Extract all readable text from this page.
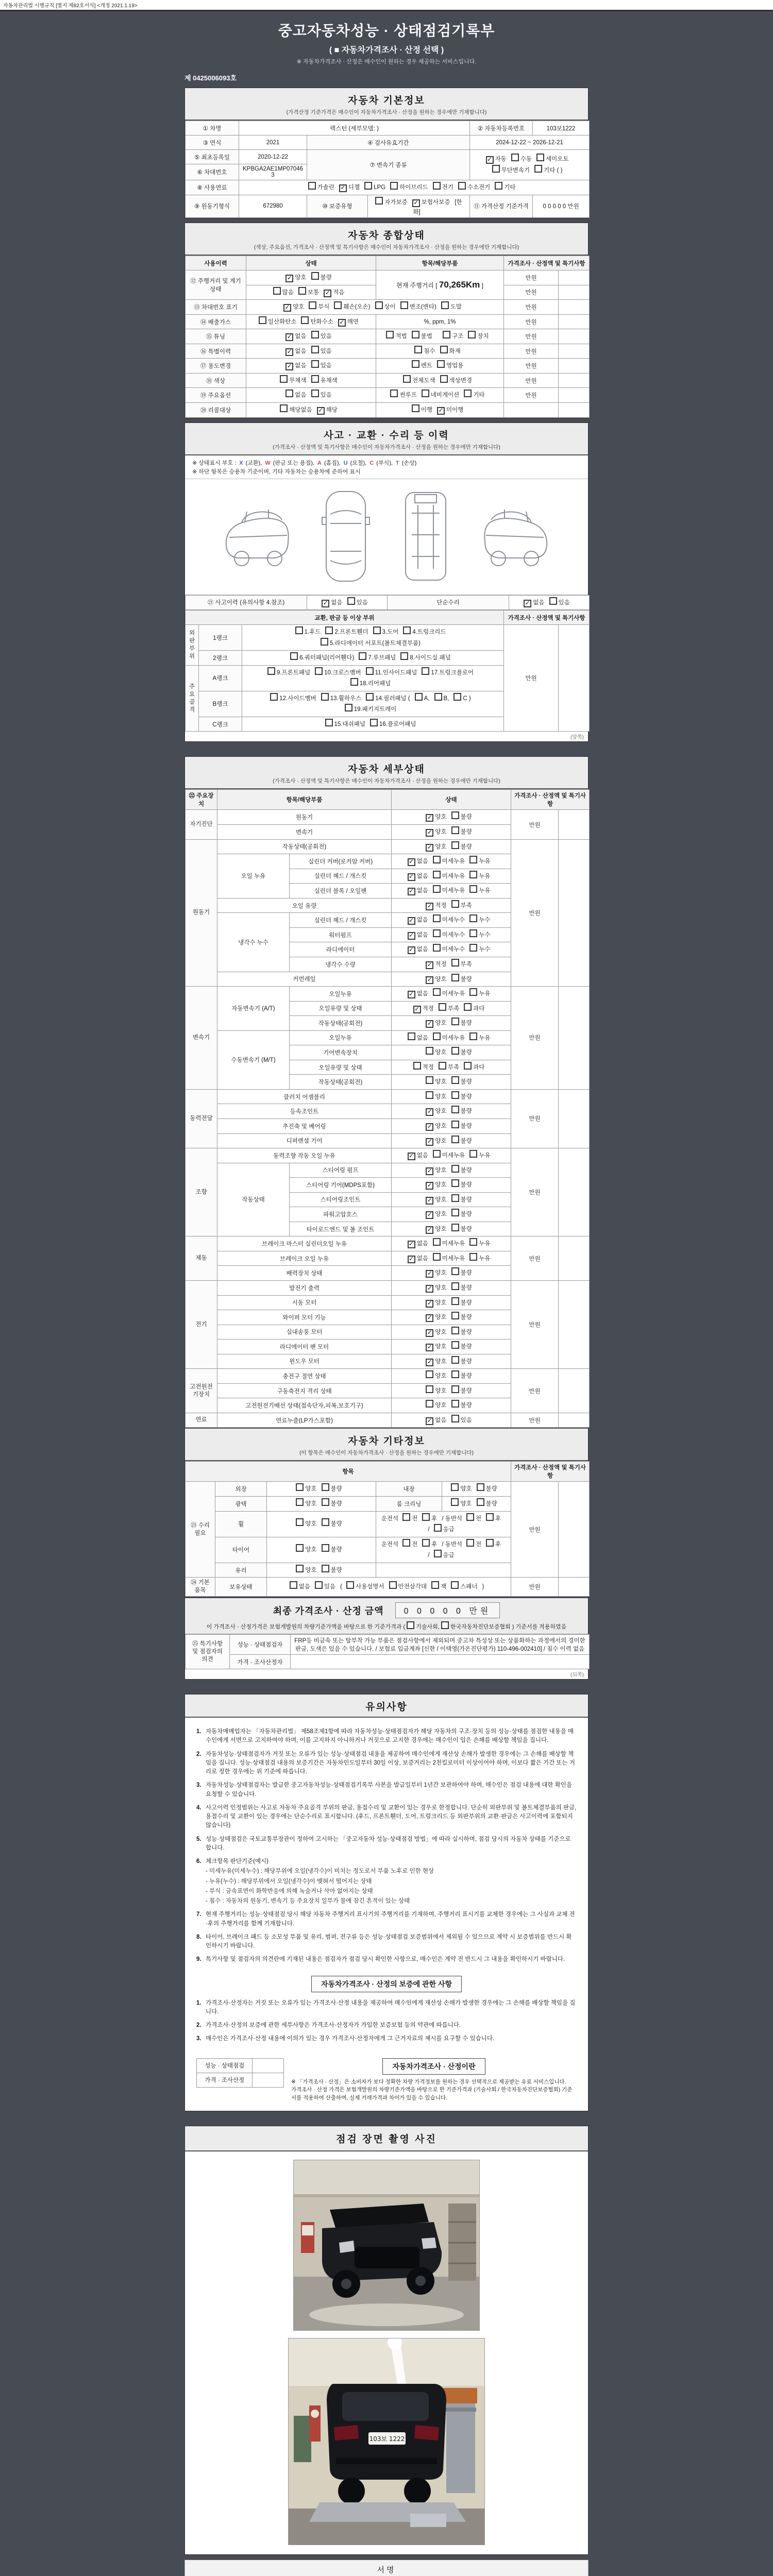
자동차관리법 시행규칙 [별지 제82호서식] <개정 2021.1.19>
중고자동차성능 · 상태점검기록부
( ■ 자동차가격조사 · 산정 선택 )
※ 자동차가격조사 · 산정은 매수인이 원하는 경우 제공하는 서비스입니다.
제 0425006093호
자동차 기본정보
(가격산정 기준가격은 매수인이 자동차가격조사 · 산정을 원하는 경우에만 기재합니다)
① 차명	렉스턴 (세부모델: )			② 자동차등록번호	103보1222
③ 연식	2021	④ 검사유효기간		2024-12-22 ~ 2026-12-21	
⑤ 최초등록일	2020-12-22	⑦ 변속기 종류		✓ 자동 수동 세미오토
무단변속기 기타 ( )	
⑥ 차대번호	KPBGA2AE1MP070463				
⑧ 사용연료	가솔린 ✓ 디젤 LPG 하이브리드 전기 수소전기 기타				
⑨ 원동기형식	672980	⑩ 보증유형	자가보증 ✓ 보험사보증 [한화]	⑪ 가격산정 기준가격	0 0 0 0 0 만원
자동차 종합상태
(색상, 주요옵션, 가격조사 · 산정액 및 특기사항은 매수인이 자동차가격조사 · 산정을 원하는 경우에만 기재합니다)
사용이력	상태	항목/해당부품	가격조사 · 산정액 및 특기사항	
⑫ 주행거리 및 계기상태	✓ 양호 불량	현재 주행거리 [ 70,265Km ]	만원	
	많음 보통 ✓ 적음		만원	
⑬ 차대번호 표기	✓ 양호 부식 훼손(오손) 상이 변조(변타) 도말		만원	
⑭ 배출가스	일산화탄소 탄화수소 ✓ 매연	%, ppm, 1%	만원	
⑮ 튜닝	✓ 없음 있음	적법 불법 구조 장치	만원	
⑯ 특별이력	✓ 없음 있음	침수 화재	만원	
⑰ 용도변경	✓ 없음 있음	렌트 영업용	만원	
⑱ 색상	무채색 유채색	전체도색 색상변경	만원	
⑲ 주요옵션	없음 있음	썬루프 네비게이션 기타	만원	
⑳ 리콜대상	해당없음 ✓ 해당	이행 ✓ 미이행		
사고 · 교환 · 수리 등 이력
(가격조사 · 산정액 및 특기사항은 매수인이 자동차가격조사 · 산정을 원하는 경우에만 기재합니다)
※ 상태표시 부호 : X (교환), W (판금 또는 용접), A (흠집), U (요철), C (부식), T (손상)
※ 하단 항목은 승용차 기준이며, 기타 자동차는 승용차에 준하여 표시
㉑ 사고이력 (유의사항 4.참조)	✓ 없음 있음	단순수리	✓ 없음 있음
교환, 판금 등 이상 부위			가격조사 · 산정액 및 특기사항	
외판부위	1랭크	1.후드 2.프론트휀더 3.도어 4.트렁크리드
5.라디에이터 서포트(볼트체결부품)	만원	
	2랭크	6.쿼터패널(리어휀다) 7.루브패널 8.사이드실 패널		
주요골격	A랭크	9.프론트패널 10.크로스멤버 11.인사이드패널 17.트렁크플로어
18.리어패널		
	B랭크	12.사이드멤버 13.휠하우스 14.필러패널 ( A, B, C )
19.패키지트레이		
	C랭크	15.대쉬패널 16.플로어패널		
(앞쪽)
자동차 세부상태
(가격조사 · 산정액 및 특기사항은 매수인이 자동차가격조사 · 산정을 원하는 경우에만 기재합니다)
㉒ 주요장치	항목/해당부품		상태	가격조사 · 산정액 및 특기사항	
자기진단	원동기		✓ 양호 불량	만원	
	변속기		✓ 양호 불량		
원동기	작동상태(공회전)		✓ 양호 불량	만원	
	오일 누유	실린더 커버(로커암 커버)	✓ 없음 미세누유 누유		
		실린더 헤드 / 개스킷	✓ 없음 미세누유 누유		
		실린더 블록 / 오일팬	✓ 없음 미세누유 누유		
	오일 유량		✓ 적정 부족		
	냉각수 누수	실린더 헤드 / 개스킷	✓ 없음 미세누수 누수		
		워터펌프	✓ 없음 미세누수 누수		
		라디에이터	✓ 없음 미세누수 누수		
		냉각수 수량	✓ 적정 부족		
	커먼레일		✓ 양호 불량		
변속기	자동변속기 (A/T)	오일누유	✓ 없음 미세누유 누유	만원	
		오일유량 및 상태	✓ 적정 부족 과다		
		작동상태(공회전)	✓ 양호 불량		
	수동변속기 (M/T)	오일누유	없음 미세누유 누유		
		기어변속장치	양호 불량		
		오일유량 및 상태	적정 부족 과다		
		작동상태(공회전)	양호 불량		
동력전달	클러치 어셈블리		양호 불량	만원	
	등속조인트		✓ 양호 불량		
	추진축 및 베어링		✓ 양호 불량		
	디퍼렌셜 기어		✓ 양호 불량		
조향	동력조향 작동 오일 누유		✓ 없음 미세누유 누유	만원	
	작동상태	스티어링 펌프	✓ 양호 불량		
		스티어링 기어(MDPS포함)	✓ 양호 불량		
		스티어링조인트	✓ 양호 불량		
		파워고압호스	✓ 양호 불량		
		타이로드엔드 및 볼 조인트	✓ 양호 불량		
제동	브레이크 마스터 실린더오일 누유		✓ 없음 미세누유 누유	만원	
	브레이크 오일 누유		✓ 없음 미세누유 누유		
	배력장치 상태		✓ 양호 불량		
전기	발전기 출력		✓ 양호 불량	만원	
	시동 모터		✓ 양호 불량		
	와이퍼 모터 기능		✓ 양호 불량		
	실내송풍 모터		✓ 양호 불량		
	라디에이터 팬 모터		✓ 양호 불량		
	윈도우 모터		✓ 양호 불량		
고전원전기장치	충전구 절연 상태		양호 불량	만원	
	구동축전지 격리 상태		양호 불량		
	고전원전기배선 상태(접속단자,피복,보호기구)		양호 불량		
연료	연료누출(LP가스포함)		✓ 없음 있음	만원	
자동차 기타정보
(이 항목은 매수인이 자동차가격조사 · 산정을 원하는 경우에만 기재합니다)
항목					가격조사 · 산정액 및 특기사항	
㉓ 수리필요	외장	양호 불량	내장	양호 불량	만원	
	광택	양호 불량	룸 크리닝	양호 불량		
	휠	양호 불량	운전석 전 후 / 동반석 전 후/ 응급			
	타이어	양호 불량	운전석 전 후 / 동반석 전 후/ 응급			
	유리	양호 불량				
㉔ 기본품목	보유상태	없음 있음 ( 사용설명서 안전삼각대 잭 스패너 )			만원	
최종 가격조사 · 산정 금액	0 0 0 0 0 만원
이 가격조사 · 산정가격은 보험개발원의 차량기준가액을 바탕으로 한 기준가격과 ( 기술사회, 한국자동차진단보증협회 ) 기준서를 적용하였음
㉕ 특기사항 및 점검자의 의견	성능 · 상태점검자	FRP등 비금속 또는 탈부착 가능 부품은 점검사항에서 제외되며 중고차 특성상 또는 상품화하는 과정에서의 경미한 판금, 도색은 있을 수 있습니다. / 보험료 입금계좌 [신한 / 이택영(가온진단평가) 110-496-002410] / 침수 이력 없음
	가격 · 조사산정자	
(뒤쪽)
유의사항
1. 자동차매매업자는 「자동차관리법」 제58조제1항에 따라 자동차성능·상태점검자가 해당 자동차의 구조·장치 등의 성능·상태를 점검한 내용을 매수인에게 서면으로 고지하여야 하며, 이를 고지하지 아니하거나 거짓으로 고지한 경우에는 매수인이 입은 손해를 배상할 책임을 집니다.
2. 자동차성능·상태점검자가 거짓 또는 오류가 있는 성능·상태점검 내용을 제공하여 매수인에게 재산상 손해가 발생한 경우에는 그 손해를 배상할 책임을 집니다. 성능·상태점검 내용의 보증기간은 자동차인도일부터 30일 이상, 보증거리는 2천킬로미터 이상이어야 하며, 이보다 짧은 기간 또는 거리로 정한 경우에는 위 기준에 따릅니다.
3. 자동차성능·상태점검자는 발급한 중고자동차성능·상태점검기록부 사본을 발급일부터 1년간 보관하여야 하며, 매수인은 점검 내용에 대한 확인을 요청할 수 있습니다.
4. 사고이력 인정범위는 사고로 자동차 주요골격 부위의 판금, 용접수리 및 교환이 있는 경우로 한정합니다. 단순히 외판부위 및 볼트체결부품의 판금, 용접수리 및 교환이 있는 경우에는 단순수리로 표시합니다. (후드, 프론트휀더, 도어, 트렁크리드 등 외판부위의 교환·판금은 사고이력에 포함되지 않습니다)
5. 성능·상태점검은 국토교통부장관이 정하여 고시하는 「중고자동차 성능·상태점검 방법」에 따라 실시하며, 점검 당시의 자동차 상태를 기준으로 합니다.
6. 체크항목 판단기준(예시)
- 미세누유(미세누수) : 해당부위에 오일(냉각수)이 비치는 정도로서 부품 노후로 인한 현상
- 누유(누수) : 해당부위에서 오일(냉각수)이 맺혀서 떨어지는 상태
- 부식 : 금속표면이 화학반응에 의해 녹슬거나 삭아 없어지는 상태
- 침수 : 자동차의 원동기, 변속기 등 주요장치 일부가 물에 잠긴 흔적이 있는 상태
7. 현재 주행거리는 성능·상태점검 당시 해당 자동차 주행거리 표시기의 주행거리를 기재하며, 주행거리 표시기를 교체한 경우에는 그 사실과 교체 전·후의 주행거리를 함께 기재합니다.
8. 타이어, 브레이크 패드 등 소모성 부품 및 유리, 범퍼, 전구류 등은 성능·상태점검 보증범위에서 제외될 수 있으므로 계약 시 보증범위를 반드시 확인하시기 바랍니다.
9. 특기사항 및 점검자의 의견란에 기재된 내용은 점검자가 점검 당시 확인한 사항으로, 매수인은 계약 전 반드시 그 내용을 확인하시기 바랍니다.
자동차가격조사 · 산정의 보증에 관한 사항
1. 가격조사·산정자는 거짓 또는 오류가 있는 가격조사·산정 내용을 제공하여 매수인에게 재산상 손해가 발생한 경우에는 그 손해를 배상할 책임을 집니다.
2. 가격조사·산정의 보증에 관한 세부사항은 가격조사·산정자가 가입한 보증보험 등의 약관에 따릅니다.
3. 매수인은 가격조사·산정 내용에 이의가 있는 경우 가격조사·산정자에게 그 근거자료의 제시를 요구할 수 있습니다.
성능 · 상태점검	
가격 · 조사산정	
자동차가격조사 · 산정이란
※ 「가격조사 · 산정」은 소비자가 보다 정확한 차량 가격정보를 원하는 경우 선택적으로 제공받는 유료 서비스입니다.
가격조사 · 산정 가격은 보험개발원의 차량기준가액을 바탕으로 한 기준가격과 (기술사회 / 한국자동차진단보증협회) 기준서를 적용하여 산출하며, 실제 거래가격과 차이가 있을 수 있습니다.
점검 장면 촬영 사진
103보 1222
서명
